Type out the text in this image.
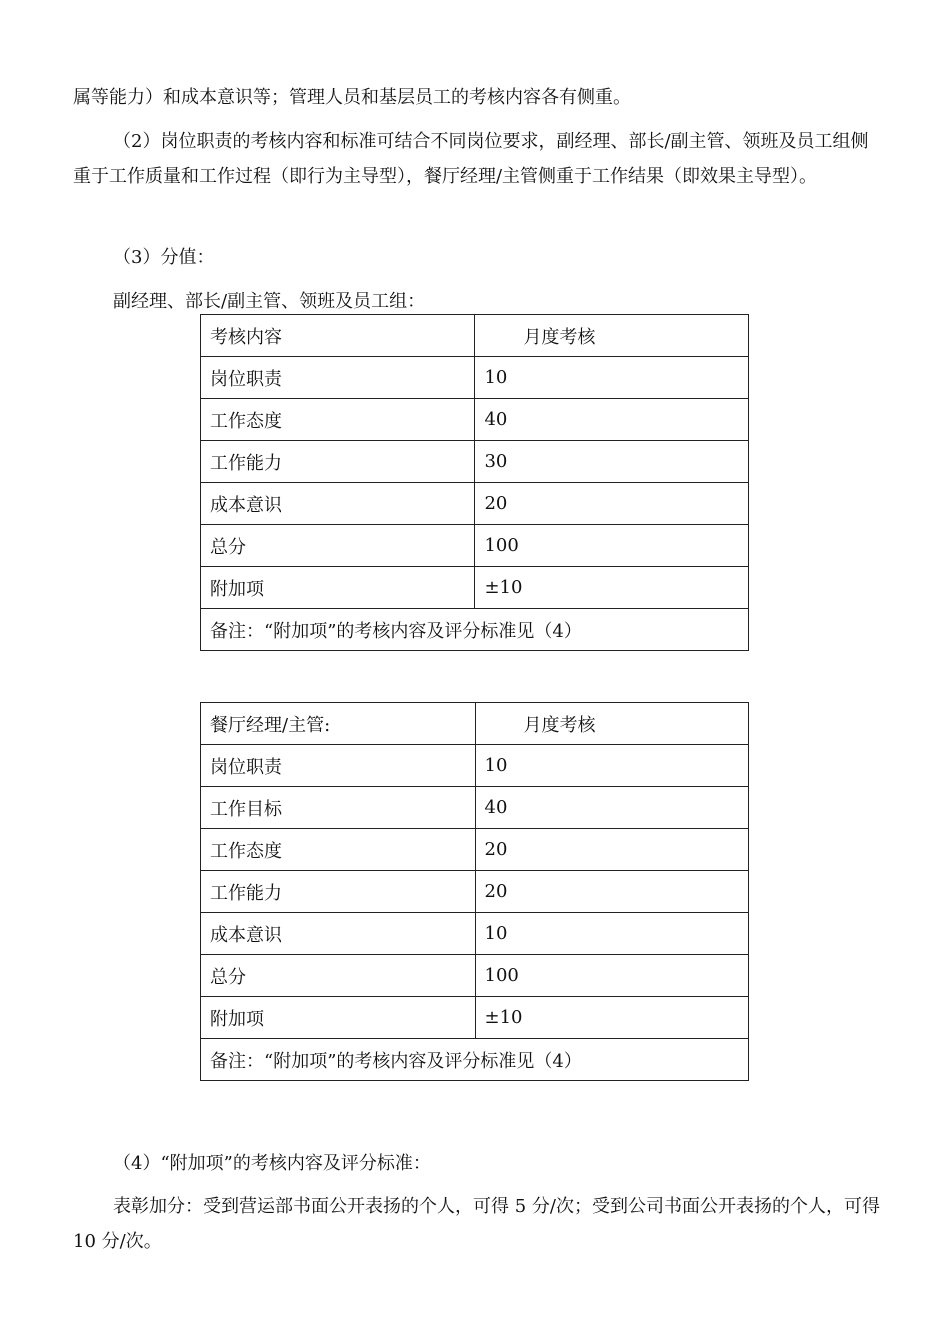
属等能力）和成本意识等；管理人员和基层员工的考核内容各有侧重。

（2）岗位职责的考核内容和标准可结合不同岗位要求，副经理、部长/副主管、领班及员工组侧重于工作质量和工作过程（即行为主导型），餐厅经理/主管侧重于工作结果（即效果主导型）。

（3）分值：

副经理、部长/副主管、领班及员工组：

考核内容	月度考核
岗位职责	10
工作态度	40
工作能力	30
成本意识	20
总分	100
附加项	±10
备注：“附加项”的考核内容及评分标准见（4）	
餐厅经理/主管:	月度考核
岗位职责	10
工作目标	40
工作态度	20
工作能力	20
成本意识	10
总分	100
附加项	±10
备注：“附加项”的考核内容及评分标准见（4）	

（4）“附加项”的考核内容及评分标准：

表彰加分：受到营运部书面公开表扬的个人，可得 5 分/次；受到公司书面公开表扬的个人，可得 10 分/次。
